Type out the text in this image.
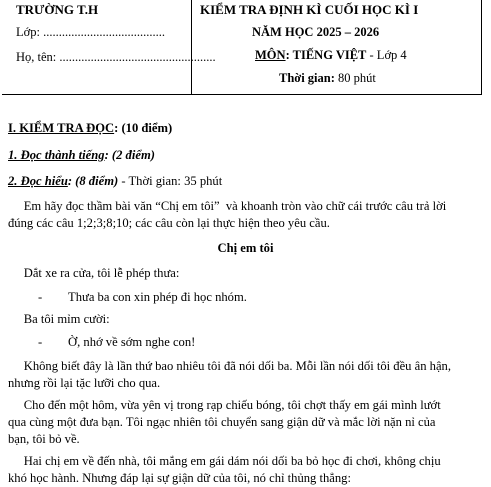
TRƯỜNG T.H
Lớp: .......................................
Họ, tên: ..................................................
KIỂM TRA ĐỊNH KÌ CUỐI HỌC KÌ I
NĂM HỌC 2025 – 2026
MÔN: TIẾNG VIỆT - Lớp 4
Thời gian: 80 phút
I. KIỂM TRA ĐỌC: (10 điểm)
1. Đọc thành tiếng: (2 điểm)
2. Đọc hiểu: (8 điểm) - Thời gian: 35 phút
Em hãy đọc thầm bài văn “Chị em tôi”  và khoanh tròn vào chữ cái trước câu trả lời
đúng các câu 1;2;3;8;10; các câu còn lại thực hiện theo yêu cầu.
Chị em tôi
Dắt xe ra cửa, tôi lễ phép thưa:
- Thưa ba con xin phép đi học nhóm.
Ba tôi mỉm cười:
- Ờ, nhớ về sớm nghe con!
Không biết đây là lần thứ bao nhiêu tôi đã nói dối ba. Mỗi lần nói dối tôi đều ân hận,
nhưng rồi lại tặc lưỡi cho qua.
Cho đến một hôm, vừa yên vị trong rạp chiếu bóng, tôi chợt thấy em gái mình lướt
qua cùng một đưa bạn. Tôi ngạc nhiên tôi chuyển sang giận dữ và mắc lời nặn nỉ của
bạn, tôi bỏ về.
Hai chị em về đến nhà, tôi mắng em gái dám nói dối ba bỏ học đi chơi, không chịu
khó học hành. Nhưng đáp lại sự giận dữ của tôi, nó chỉ thủng thẳng:
